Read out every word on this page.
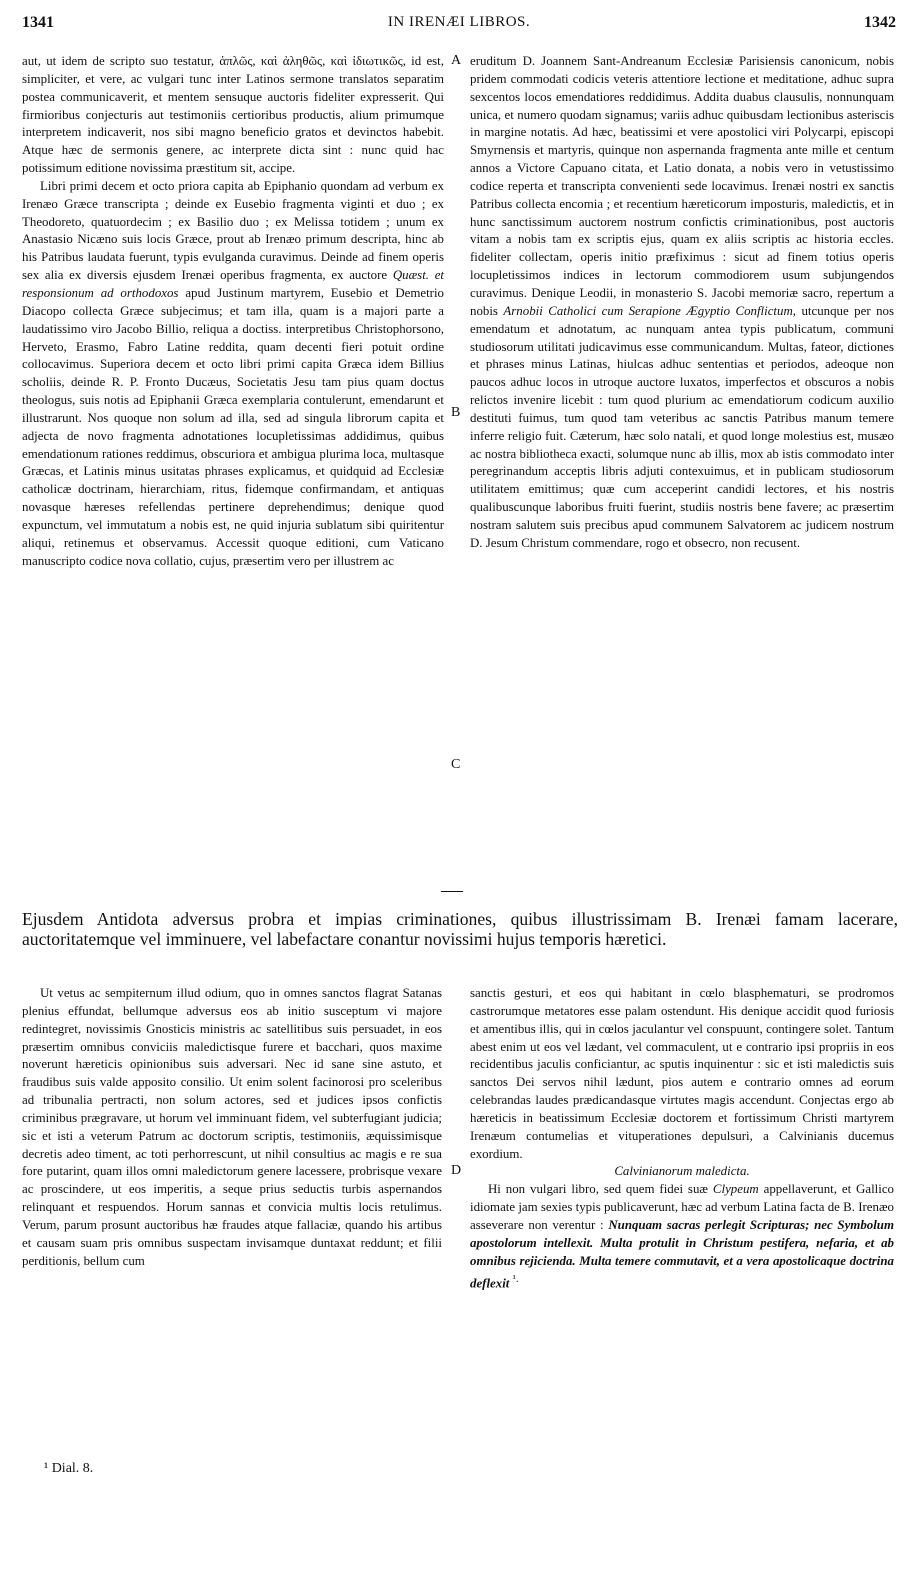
1341	IN IRENÆI LIBROS.	1342

aut, ut idem de scripto suo testatur, ἁπλῶς, καὶ ἀληθῶς, καὶ ἰδιωτικῶς, id est, simpliciter, et vere, ac vulgari tunc inter Latinos sermone translatos separatim postea communicaverit, et mentem sensuque auctoris fideliter expresserit. Qui firmioribus conjecturis aut testimoniis certioribus productis, alium primumque interpretem indicaverit, nos sibi magno beneficio gratos et devinctos habebit. Atque hæc de sermonis genere, ac interprete dicta sint : nunc quid hac potissimum editione novissima præstitum sit, accipe.

Libri primi decem et octo priora capita ab Epiphanio quondam ad verbum ex Irenæo Græce transcripta ; deinde ex Eusebio fragmenta viginti et duo ; ex Theodoreto, quatuordecim ; ex Basilio duo ; ex Melissa totidem ; unum ex Anastasio Nicæno suis locis Græce, prout ab Irenæo primum descripta, hinc ab his Patribus laudata fuerunt, typis evulganda curavimus. Deinde ad finem operis sex alia ex diversis ejusdem Irenæi operibus fragmenta, ex auctore Quæst. et responsionum ad orthodoxos apud Justinum martyrem, Eusebio et Demetrio Diacopo collecta Græce subjecimus; et tam illa, quam is a majori parte a laudatissimo viro Jacobo Billio, reliqua a doctiss. interpretibus Christophorsono, Herveto, Erasmo, Fabro Latine reddita, quam decenti fieri potuit ordine collocavimus. Superiora decem et octo libri primi capita Græca idem Billius scholiis, deinde R. P. Fronto Ducæus, Societatis Jesu tam pius quam doctus theologus, suis notis ad Epiphanii Græca exemplaria contulerunt, emendarunt et illustrarunt. Nos quoque non solum ad illa, sed ad singula librorum capita et adjecta de novo fragmenta adnotationes locupletissimas addidimus, quibus emendationum rationes reddimus, obscuriora et ambigua plurima loca, multasque Græcas, et Latinis minus usitatas phrases explicamus, et quidquid ad Ecclesiæ catholicæ doctrinam, hierarchiam, ritus, fidemque confirmandam, et antiquas novasque hæreses refellendas pertinere deprehendimus; denique quod expunctum, vel immutatum a nobis est, ne quid injuria sublatum sibi quiritentur aliqui, retinemus et observamus. Accessit quoque editioni, cum Vaticano manuscripto codice nova collatio, cujus, præsertim vero per illustrem ac

eruditum D. Joannem Sant-Andreanum Ecclesiæ Parisiensis canonicum, nobis pridem commodati codicis veteris attentiore lectione et meditatione, adhuc supra sexcentos locos emendatiores reddidimus. Addita duabus clausulis, nonnunquam unica, et numero quodam signamus; variis adhuc quibusdam lectionibus asteriscis in margine notatis. Ad hæc, beatissimi et vere apostolici viri Polycarpi, episcopi Smyrnensis et martyris, quinque non aspernanda fragmenta ante mille et centum annos a Victore Capuano citata, et Latio donata, a nobis vero in vetustissimo codice reperta et transcripta convenienti sede locavimus. Irenæi nostri ex sanctis Patribus collecta encomia ; et recentium hæreticorum imposturis, maledictis, et in hunc sanctissimum auctorem nostrum confictis criminationibus, post auctoris vitam a nobis tam ex scriptis ejus, quam ex aliis scriptis ac historia eccles. fideliter collectam, operis initio præfiximus : sicut ad finem totius operis locupletissimos indices in lectorum commodiorem usum subjungendos curavimus. Denique Leodii, in monasterio S. Jacobi memoriæ sacro, repertum a nobis Arnobii Catholici cum Serapione Ægyptio Conflictum, utcunque per nos emendatum et adnotatum, ac nunquam antea typis publicatum, communi studiosorum utilitati judicavimus esse communicandum. Multas, fateor, dictiones et phrases minus Latinas, hiulcas adhuc sententias et periodos, adeoque non paucos adhuc locos in utroque auctore luxatos, imperfectos et obscuros a nobis relictos invenire licebit : tum quod plurium ac emendatiorum codicum auxilio destituti fuimus, tum quod tam veteribus ac sanctis Patribus manum temere inferre religio fuit. Cæterum, hæc solo natali, et quod longe molestius est, musæo ac nostra bibliotheca exacti, solumque nunc ab illis, mox ab istis commodato inter peregrinandum acceptis libris adjuti contexuimus, et in publicam studiosorum utilitatem emittimus; quæ cum acceperint candidi lectores, et his nostris qualibuscunque laboribus fruiti fuerint, studiis nostris bene favere; ac præsertim nostram salutem suis precibus apud communem Salvatorem ac judicem nostrum D. Jesum Christum commendare, rogo et obsecro, non recusent.

A
B
C
D
Ejusdem Antidota adversus probra et impias criminationes, quibus illustrissimam B. Irenæi famam lacerare, auctoritatemque vel imminuere, vel labefactare conantur novissimi hujus temporis hæretici.

Ut vetus ac sempiternum illud odium, quo in omnes sanctos flagrat Satanas plenius effundat, bellumque adversus eos ab initio susceptum vi majore redintegret, novissimis Gnosticis ministris ac satellitibus suis persuadet, in eos præsertim omnibus conviciis maledictisque furere et bacchari, quos maxime noverunt hæreticis opinionibus suis adversari. Nec id sane sine astuto, et fraudibus suis valde apposito consilio. Ut enim solent facinorosi pro sceleribus ad tribunalia pertracti, non solum actores, sed et judices ipsos confictis criminibus prægravare, ut horum vel imminuant fidem, vel subterfugiant judicia; sic et isti a veterum Patrum ac doctorum scriptis, testimoniis, æquissimisque decretis adeo timent, ac toti perhorrescunt, ut nihil consultius ac magis e re sua fore putarint, quam illos omni maledictorum genere lacessere, probrisque vexare ac proscindere, ut eos imperitis, a seque prius seductis turbis aspernandos relinquant et respuendos. Horum sannas et convicia multis locis retulimus. Verum, parum prosunt auctoribus hæ fraudes atque fallaciæ, quando his artibus et causam suam pris omnibus suspectam invisamque duntaxat reddunt; et filii perditionis, bellum cum

sanctis gesturi, et eos qui habitant in cœlo blasphematuri, se prodromos castrorumque metatores esse palam ostendunt. His denique accidit quod furiosis et amentibus illis, qui in cœlos jaculantur vel conspuunt, contingere solet. Tantum abest enim ut eos vel lædant, vel commaculent, ut e contrario ipsi propriis in eos recidentibus jaculis conficiantur, ac sputis inquinentur : sic et isti maledictis suis sanctos Dei servos nihil lædunt, pios autem e contrario omnes ad eorum celebrandas laudes prædicandasque virtutes magis accendunt. Conjectas ergo ab hæreticis in beatissimum Ecclesiæ doctorem et fortissimum Christi martyrem Irenæum contumelias et vituperationes depulsuri, a Calvinianis ducemus exordium.

Calvinianorum maledicta.

Hi non vulgari libro, sed quem fidei suæ Clypeum appellaverunt, et Gallico idiomate jam sexies typis publicaverunt, hæc ad verbum Latina facta de B. Irenæo asseverare non verentur : Nunquam sacras perlegit Scripturas; nec Symbolum apostolorum intellexit. Multa protulit in Christum pestifera, nefaria, et ab omnibus rejicienda. Multa temere commutavit, et a vera apostolicaque doctrina deflexit $^{^1.}$

¹ Dial. 8.
